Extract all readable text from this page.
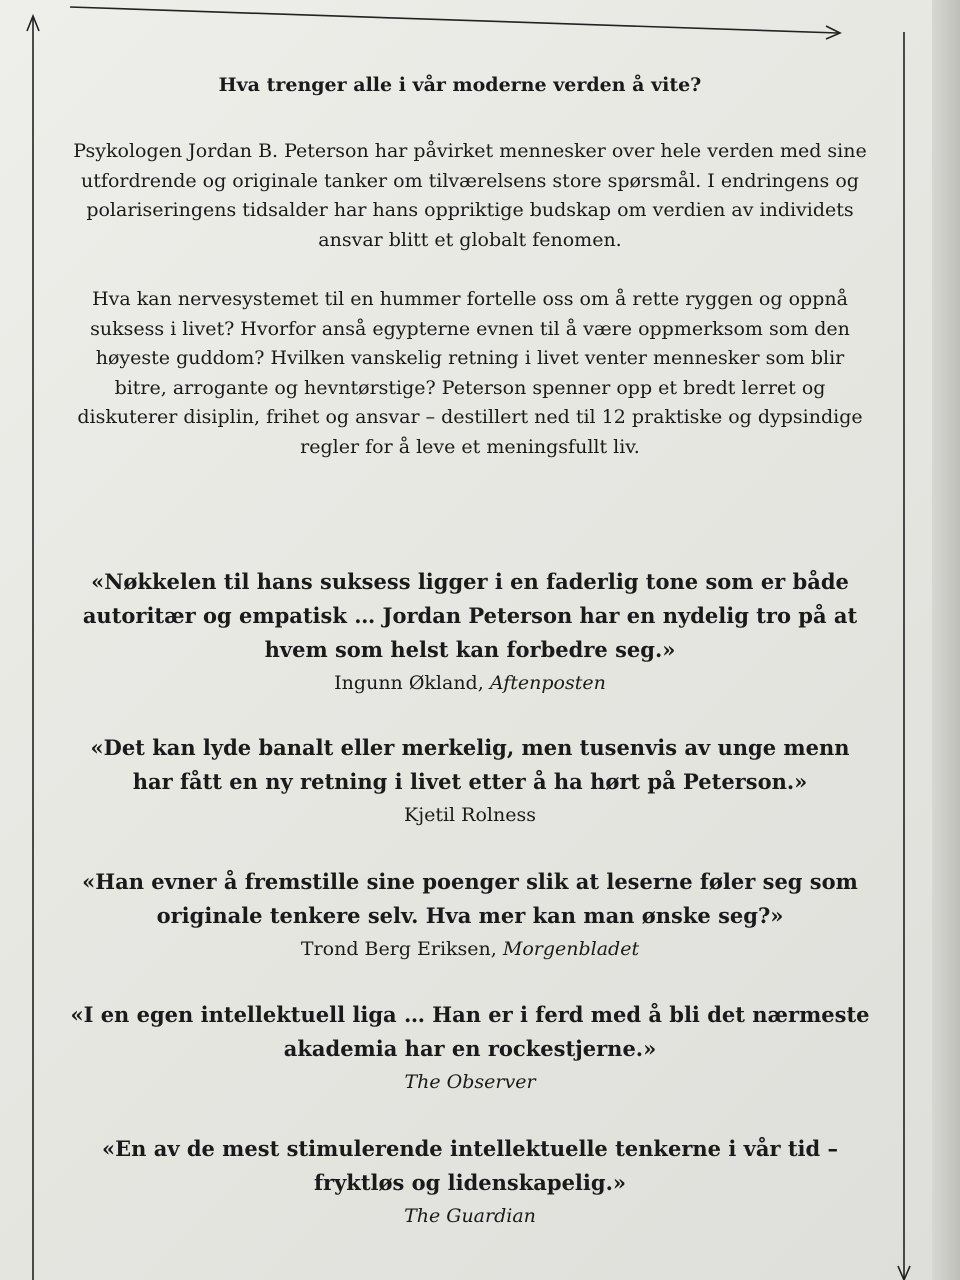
Hva trenger alle i vår moderne verden å vite?
Psykologen Jordan B. Peterson har påvirket mennesker over hele verden med sine utfordrende og originale tanker om tilværelsens store spørsmål. I endringens og polariseringens tidsalder har hans oppriktige budskap om verdien av individets ansvar blitt et globalt fenomen.
Hva kan nervesystemet til en hummer fortelle oss om å rette ryggen og oppnå suksess i livet? Hvorfor anså egypterne evnen til å være oppmerksom som den høyeste guddom? Hvilken vanskelig retning i livet venter mennesker som blir bitre, arrogante og hevntørstige? Peterson spenner opp et bredt lerret og diskuterer disiplin, frihet og ansvar – destillert ned til 12 praktiske og dypsindige regler for å leve et meningsfullt liv.
«Nøkkelen til hans suksess ligger i en faderlig tone som er både autoritær og empatisk … Jordan Peterson har en nydelig tro på at hvem som helst kan forbedre seg.»
Ingunn Økland, Aftenposten
«Det kan lyde banalt eller merkelig, men tusenvis av unge menn har fått en ny retning i livet etter å ha hørt på Peterson.»
Kjetil Rolness
«Han evner å fremstille sine poenger slik at leserne føler seg som originale tenkere selv. Hva mer kan man ønske seg?»
Trond Berg Eriksen, Morgenbladet
«I en egen intellektuell liga … Han er i ferd med å bli det nærmeste akademia har en rockestjerne.»
The Observer
«En av de mest stimulerende intellektuelle tenkerne i vår tid – fryktløs og lidenskapelig.»
The Guardian
